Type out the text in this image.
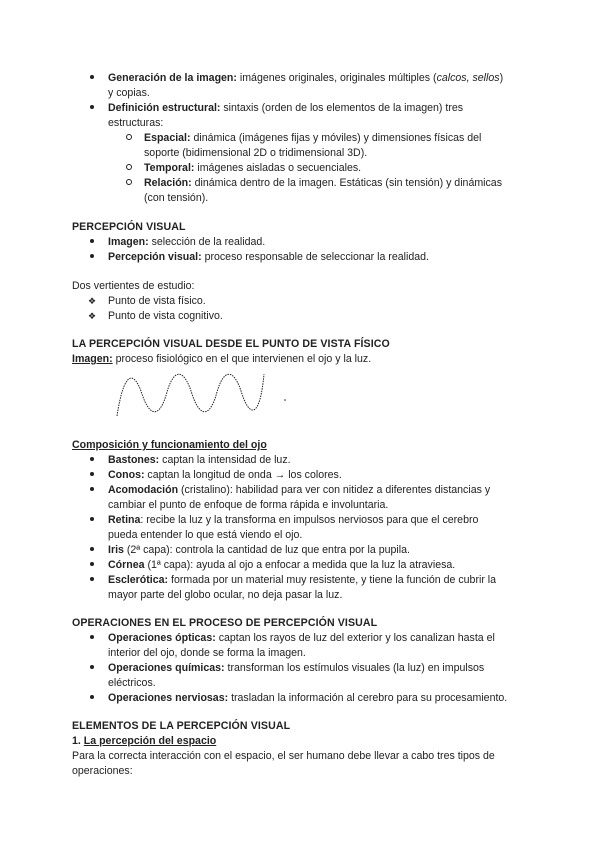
Generación de la imagen: imágenes originales, originales múltiples (calcos, sellos)
y copias.
Definición estructural: sintaxis (orden de los elementos de la imagen) tres
estructuras:
Espacial: dinámica (imágenes fijas y móviles) y dimensiones físicas del
soporte (bidimensional 2D o tridimensional 3D).
Temporal: imágenes aisladas o secuenciales.
Relación: dinámica dentro de la imagen. Estáticas (sin tensión) y dinámicas
(con tensión).
PERCEPCIÓN VISUAL
Imagen: selección de la realidad.
Percepción visual: proceso responsable de seleccionar la realidad.
Dos vertientes de estudio:
❖ Punto de vista físico.
❖ Punto de vista cognitivo.
LA PERCEPCIÓN VISUAL DESDE EL PUNTO DE VISTA FÍSICO
Imagen: proceso fisiológico en el que intervienen el ojo y la luz.
Composición y funcionamiento del ojo
Bastones: captan la intensidad de luz.
Conos: captan la longitud de onda → los colores.
Acomodación (cristalino): habilidad para ver con nitidez a diferentes distancias y
cambiar el punto de enfoque de forma rápida e involuntaria.
Retina: recibe la luz y la transforma en impulsos nerviosos para que el cerebro
pueda entender lo que está viendo el ojo.
Iris (2ª capa): controla la cantidad de luz que entra por la pupila.
Córnea (1ª capa): ayuda al ojo a enfocar a medida que la luz la atraviesa.
Esclerótica: formada por un material muy resistente, y tiene la función de cubrir la
mayor parte del globo ocular, no deja pasar la luz.
OPERACIONES EN EL PROCESO DE PERCEPCIÓN VISUAL
Operaciones ópticas: captan los rayos de luz del exterior y los canalizan hasta el
interior del ojo, donde se forma la imagen.
Operaciones químicas: transforman los estímulos visuales (la luz) en impulsos
eléctricos.
Operaciones nerviosas: trasladan la información al cerebro para su procesamiento.
ELEMENTOS DE LA PERCEPCIÓN VISUAL
1. La percepción del espacio
Para la correcta interacción con el espacio, el ser humano debe llevar a cabo tres tipos de
operaciones:
